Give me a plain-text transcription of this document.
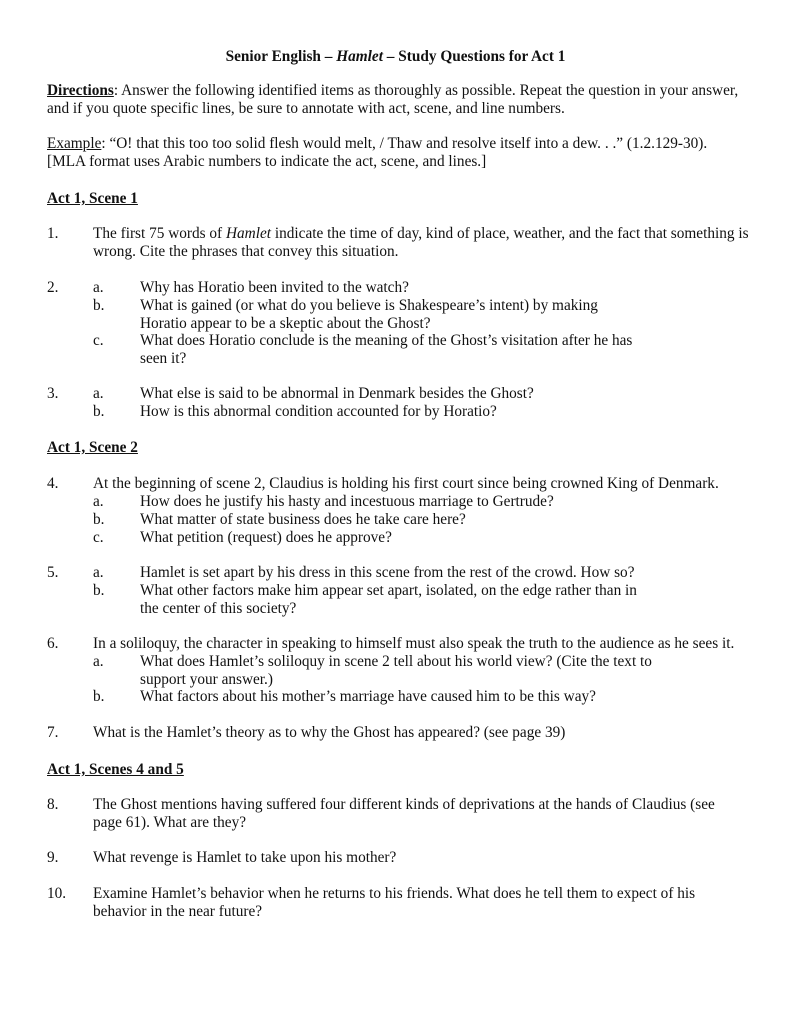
Senior English – Hamlet – Study Questions for Act 1
Directions: Answer the following identified items as thoroughly as possible. Repeat the question in your answer, and if you quote specific lines, be sure to annotate with act, scene, and line numbers.
Example: “O! that this too too solid flesh would melt, / Thaw and resolve itself into a dew. . .” (1.2.129-30).
[MLA format uses Arabic numbers to indicate the act, scene, and lines.]
Act 1, Scene 1
1. The first 75 words of Hamlet indicate the time of day, kind of place, weather, and the fact that something is wrong. Cite the phrases that convey this situation.
2. a. Why has Horatio been invited to the watch?
b. What is gained (or what do you believe is Shakespeare’s intent) by making Horatio appear to be a skeptic about the Ghost?
c. What does Horatio conclude is the meaning of the Ghost’s visitation after he has seen it?
3. a. What else is said to be abnormal in Denmark besides the Ghost?
b. How is this abnormal condition accounted for by Horatio?
Act 1, Scene 2
4. At the beginning of scene 2, Claudius is holding his first court since being crowned King of Denmark.
a. How does he justify his hasty and incestuous marriage to Gertrude?
b. What matter of state business does he take care here?
c. What petition (request) does he approve?
5. a. Hamlet is set apart by his dress in this scene from the rest of the crowd. How so?
b. What other factors make him appear set apart, isolated, on the edge rather than in the center of this society?
6. In a soliloquy, the character in speaking to himself must also speak the truth to the audience as he sees it.
a. What does Hamlet’s soliloquy in scene 2 tell about his world view? (Cite the text to support your answer.)
b. What factors about his mother’s marriage have caused him to be this way?
7. What is the Hamlet’s theory as to why the Ghost has appeared? (see page 39)
Act 1, Scenes 4 and 5
8. The Ghost mentions having suffered four different kinds of deprivations at the hands of Claudius (see page 61). What are they?
9. What revenge is Hamlet to take upon his mother?
10. Examine Hamlet’s behavior when he returns to his friends. What does he tell them to expect of his behavior in the near future?
